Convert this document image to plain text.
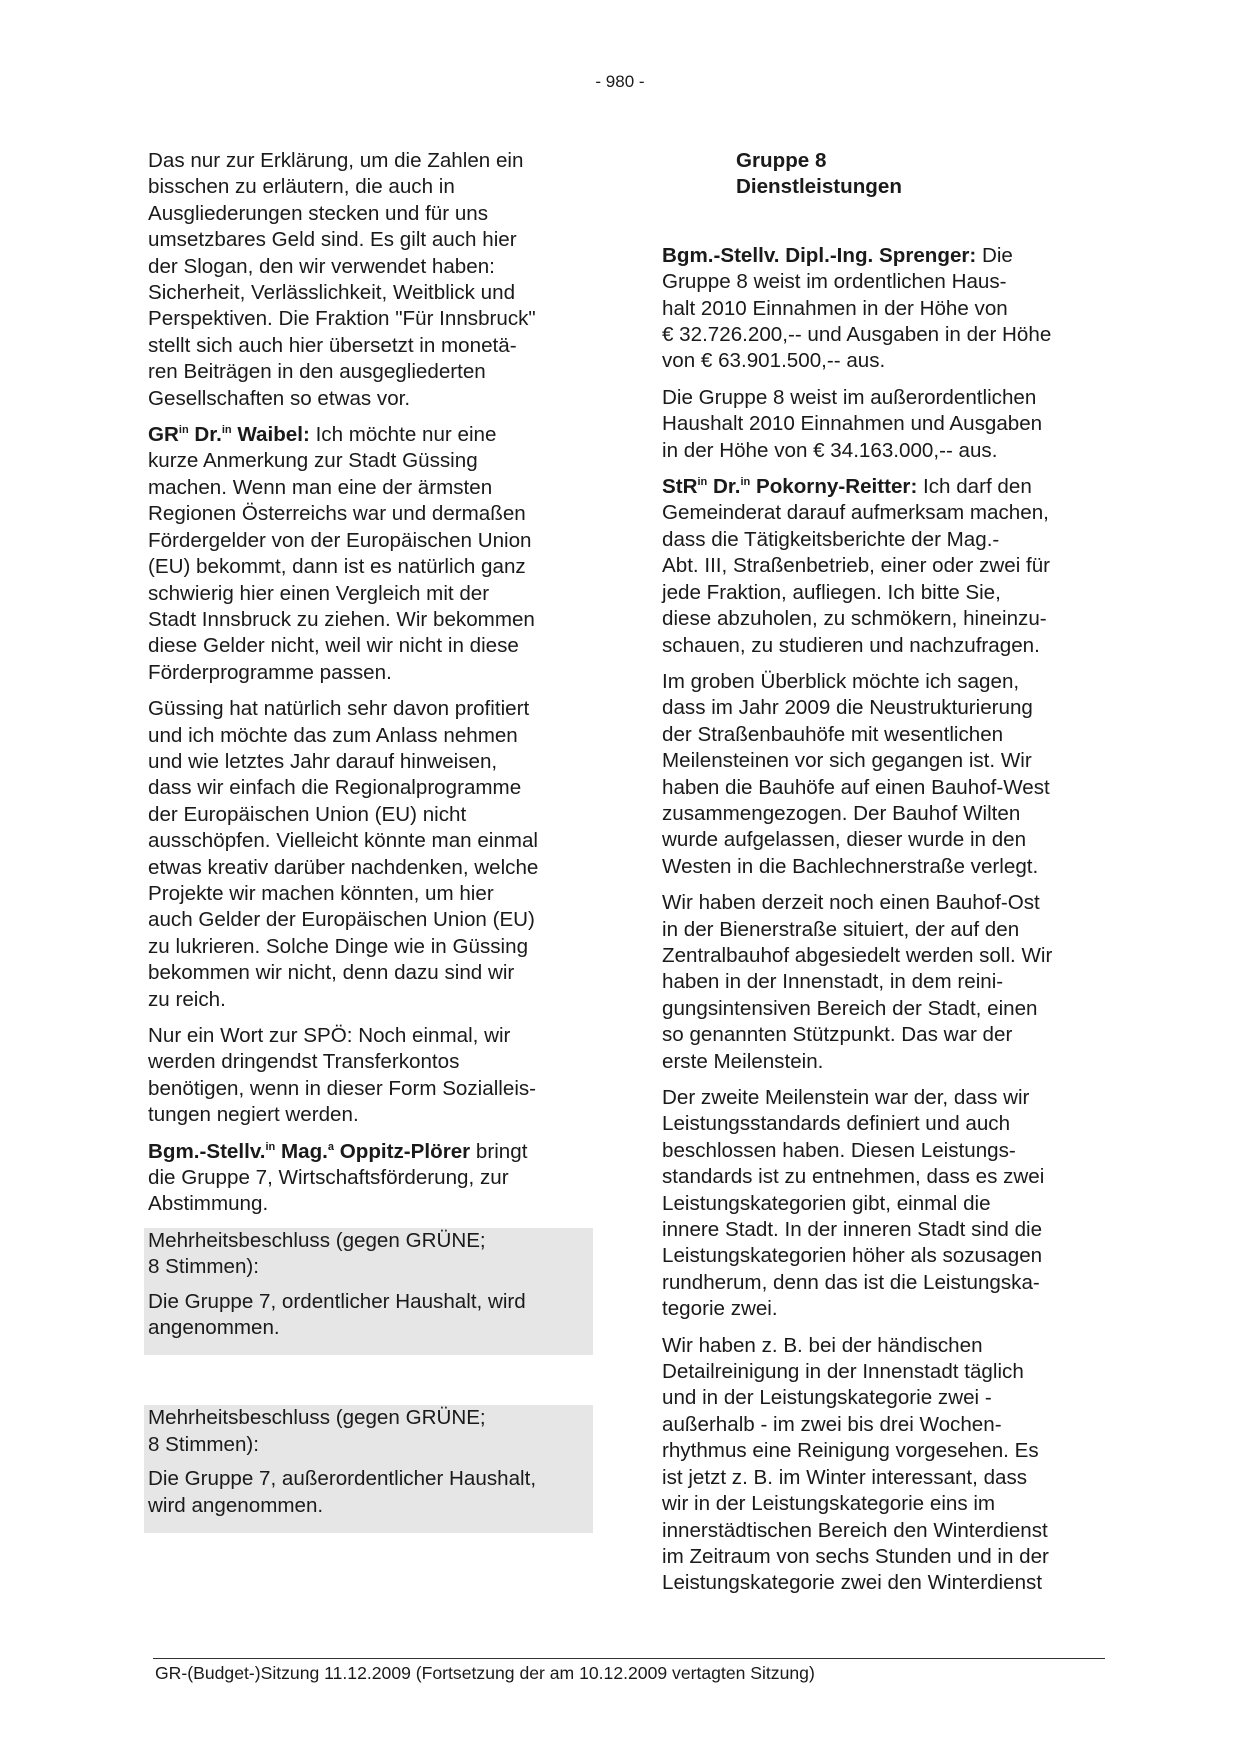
- 980 -

Das nur zur Erklärung, um die Zahlen ein
bisschen zu erläutern, die auch in
Ausgliederungen stecken und für uns
umsetzbares Geld sind. Es gilt auch hier
der Slogan, den wir verwendet haben:
Sicherheit, Verlässlichkeit, Weitblick und
Perspektiven. Die Fraktion "Für Innsbruck"
stellt sich auch hier übersetzt in monetä-
ren Beiträgen in den ausgegliederten
Gesellschaften so etwas vor.

$GR^{in}$ Dr.$^{in}$ Waibel: Ich möchte nur eine
kurze Anmerkung zur Stadt Güssing
machen. Wenn man eine der ärmsten
Regionen Österreichs war und dermaßen
Fördergelder von der Europäischen Union
(EU) bekommt, dann ist es natürlich ganz
schwierig hier einen Vergleich mit der
Stadt Innsbruck zu ziehen. Wir bekommen
diese Gelder nicht, weil wir nicht in diese
Förderprogramme passen.

Güssing hat natürlich sehr davon profitiert
und ich möchte das zum Anlass nehmen
und wie letztes Jahr darauf hinweisen,
dass wir einfach die Regionalprogramme
der Europäischen Union (EU) nicht
ausschöpfen. Vielleicht könnte man einmal
etwas kreativ darüber nachdenken, welche
Projekte wir machen könnten, um hier
auch Gelder der Europäischen Union (EU)
zu lukrieren. Solche Dinge wie in Güssing
bekommen wir nicht, denn dazu sind wir
zu reich.

Nur ein Wort zur SPÖ: Noch einmal, wir
werden dringendst Transferkontos
benötigen, wenn in dieser Form Sozialleis-
tungen negiert werden.

Bgm.-Stellv.$^{in}$ Mag.$^a$ Oppitz-Plörer bringt
die Gruppe 7, Wirtschaftsförderung, zur
Abstimmung.

Mehrheitsbeschluss (gegen GRÜNE;
8 Stimmen):

Die Gruppe 7, ordentlicher Haushalt, wird
angenommen.

Mehrheitsbeschluss (gegen GRÜNE;
8 Stimmen):

Die Gruppe 7, außerordentlicher Haushalt,
wird angenommen.

Gruppe 8
Dienstleistungen

Bgm.-Stellv. Dipl.-Ing. Sprenger: Die
Gruppe 8 weist im ordentlichen Haus-
halt 2010 Einnahmen in der Höhe von
€ 32.726.200,-- und Ausgaben in der Höhe
von € 63.901.500,-- aus.

Die Gruppe 8 weist im außerordentlichen
Haushalt 2010 Einnahmen und Ausgaben
in der Höhe von € 34.163.000,-- aus.

StR$^{in}$ Dr.$^{in}$ Pokorny-Reitter: Ich darf den
Gemeinderat darauf aufmerksam machen,
dass die Tätigkeitsberichte der Mag.-
Abt. III, Straßenbetrieb, einer oder zwei für
jede Fraktion, aufliegen. Ich bitte Sie,
diese abzuholen, zu schmökern, hineinzu-
schauen, zu studieren und nachzufragen.

Im groben Überblick möchte ich sagen,
dass im Jahr 2009 die Neustrukturierung
der Straßenbauhöfe mit wesentlichen
Meilensteinen vor sich gegangen ist. Wir
haben die Bauhöfe auf einen Bauhof-West
zusammengezogen. Der Bauhof Wilten
wurde aufgelassen, dieser wurde in den
Westen in die Bachlechnerstraße verlegt.

Wir haben derzeit noch einen Bauhof-Ost
in der Bienerstraße situiert, der auf den
Zentralbauhof abgesiedelt werden soll. Wir
haben in der Innenstadt, in dem reini-
gungsintensiven Bereich der Stadt, einen
so genannten Stützpunkt. Das war der
erste Meilenstein.

Der zweite Meilenstein war der, dass wir
Leistungsstandards definiert und auch
beschlossen haben. Diesen Leistungs-
standards ist zu entnehmen, dass es zwei
Leistungskategorien gibt, einmal die
innere Stadt. In der inneren Stadt sind die
Leistungskategorien höher als sozusagen
rundherum, denn das ist die Leistungska-
tegorie zwei.

Wir haben z. B. bei der händischen
Detailreinigung in der Innenstadt täglich
und in der Leistungskategorie zwei -
außerhalb - im zwei bis drei Wochen-
rhythmus eine Reinigung vorgesehen. Es
ist jetzt z. B. im Winter interessant, dass
wir in der Leistungskategorie eins im
innerstädtischen Bereich den Winterdienst
im Zeitraum von sechs Stunden und in der
Leistungskategorie zwei den Winterdienst

GR-(Budget-)Sitzung 11.12.2009 (Fortsetzung der am 10.12.2009 vertagten Sitzung)
